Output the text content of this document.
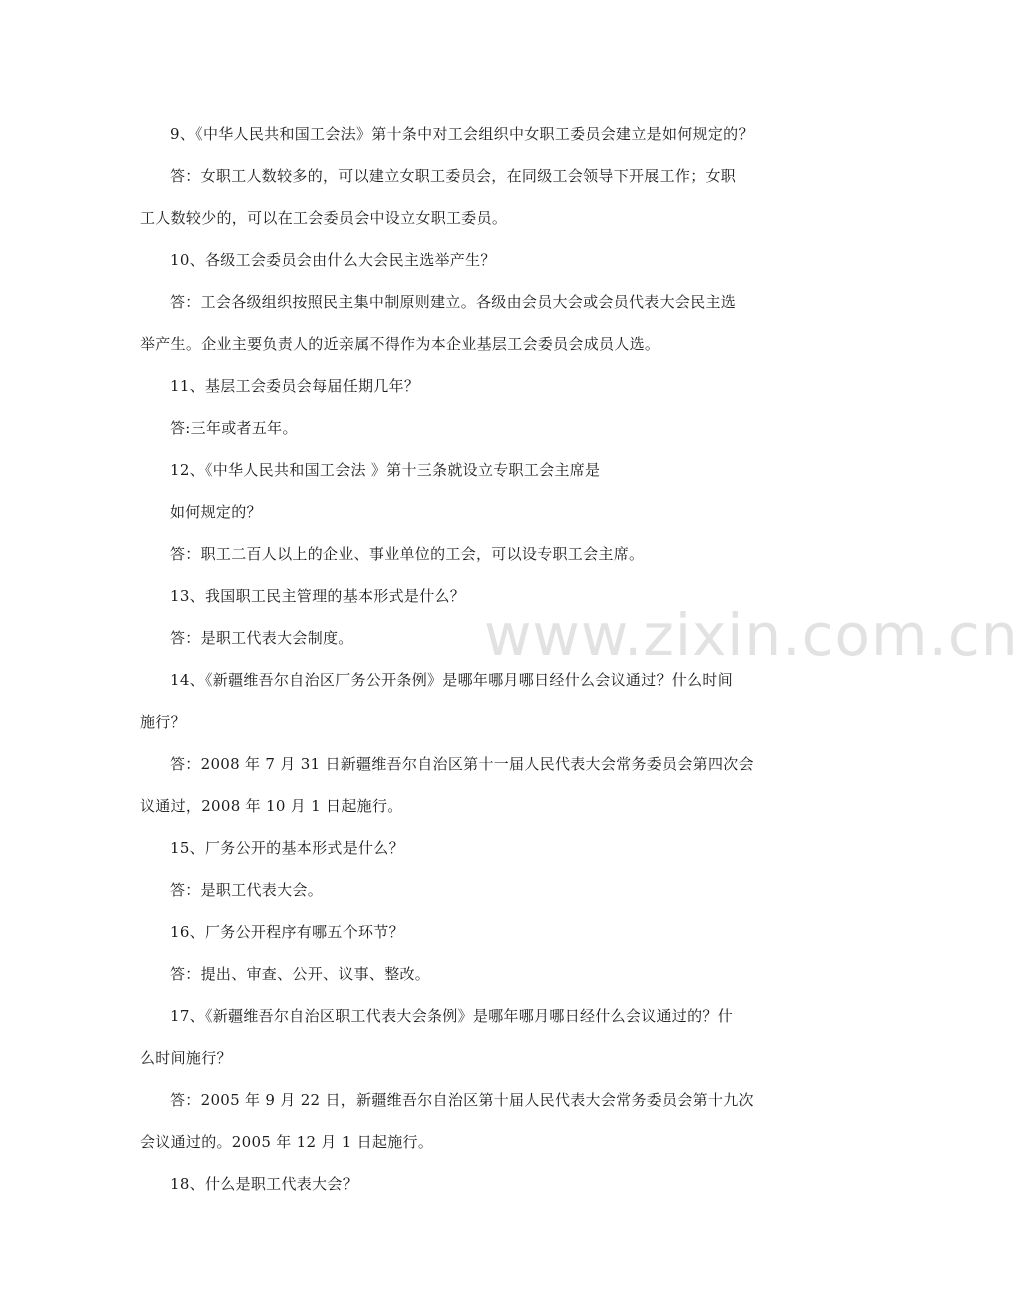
9、《中华人民共和国工会法》第十条中对工会组织中女职工委员会建立是如何规定的？
答：女职工人数较多的，可以建立女职工委员会，在同级工会领导下开展工作；女职
工人数较少的，可以在工会委员会中设立女职工委员。
10、各级工会委员会由什么大会民主选举产生？
答：工会各级组织按照民主集中制原则建立。各级由会员大会或会员代表大会民主选
举产生。企业主要负责人的近亲属不得作为本企业基层工会委员会成员人选。
11、基层工会委员会每届任期几年？
答:三年或者五年。
12、《中华人民共和国工会法 》第十三条就设立专职工会主席是
如何规定的？
答：职工二百人以上的企业、事业单位的工会，可以设专职工会主席。
13、我国职工民主管理的基本形式是什么？
答：是职工代表大会制度。
14、《新疆维吾尔自治区厂务公开条例》是哪年哪月哪日经什么会议通过？什么时间
施行？
答：2008 年 7 月 31 日新疆维吾尔自治区第十一届人民代表大会常务委员会第四次会
议通过，2008 年 10 月 1 日起施行。
15、厂务公开的基本形式是什么？
答：是职工代表大会。
16、厂务公开程序有哪五个环节？
答：提出、审查、公开、议事、整改。
17、《新疆维吾尔自治区职工代表大会条例》是哪年哪月哪日经什么会议通过的？什
么时间施行？
答：2005 年 9 月 22 日，新疆维吾尔自治区第十届人民代表大会常务委员会第十九次
会议通过的。2005 年 12 月 1 日起施行。
18、什么是职工代表大会？
www.zixin.com.cn
